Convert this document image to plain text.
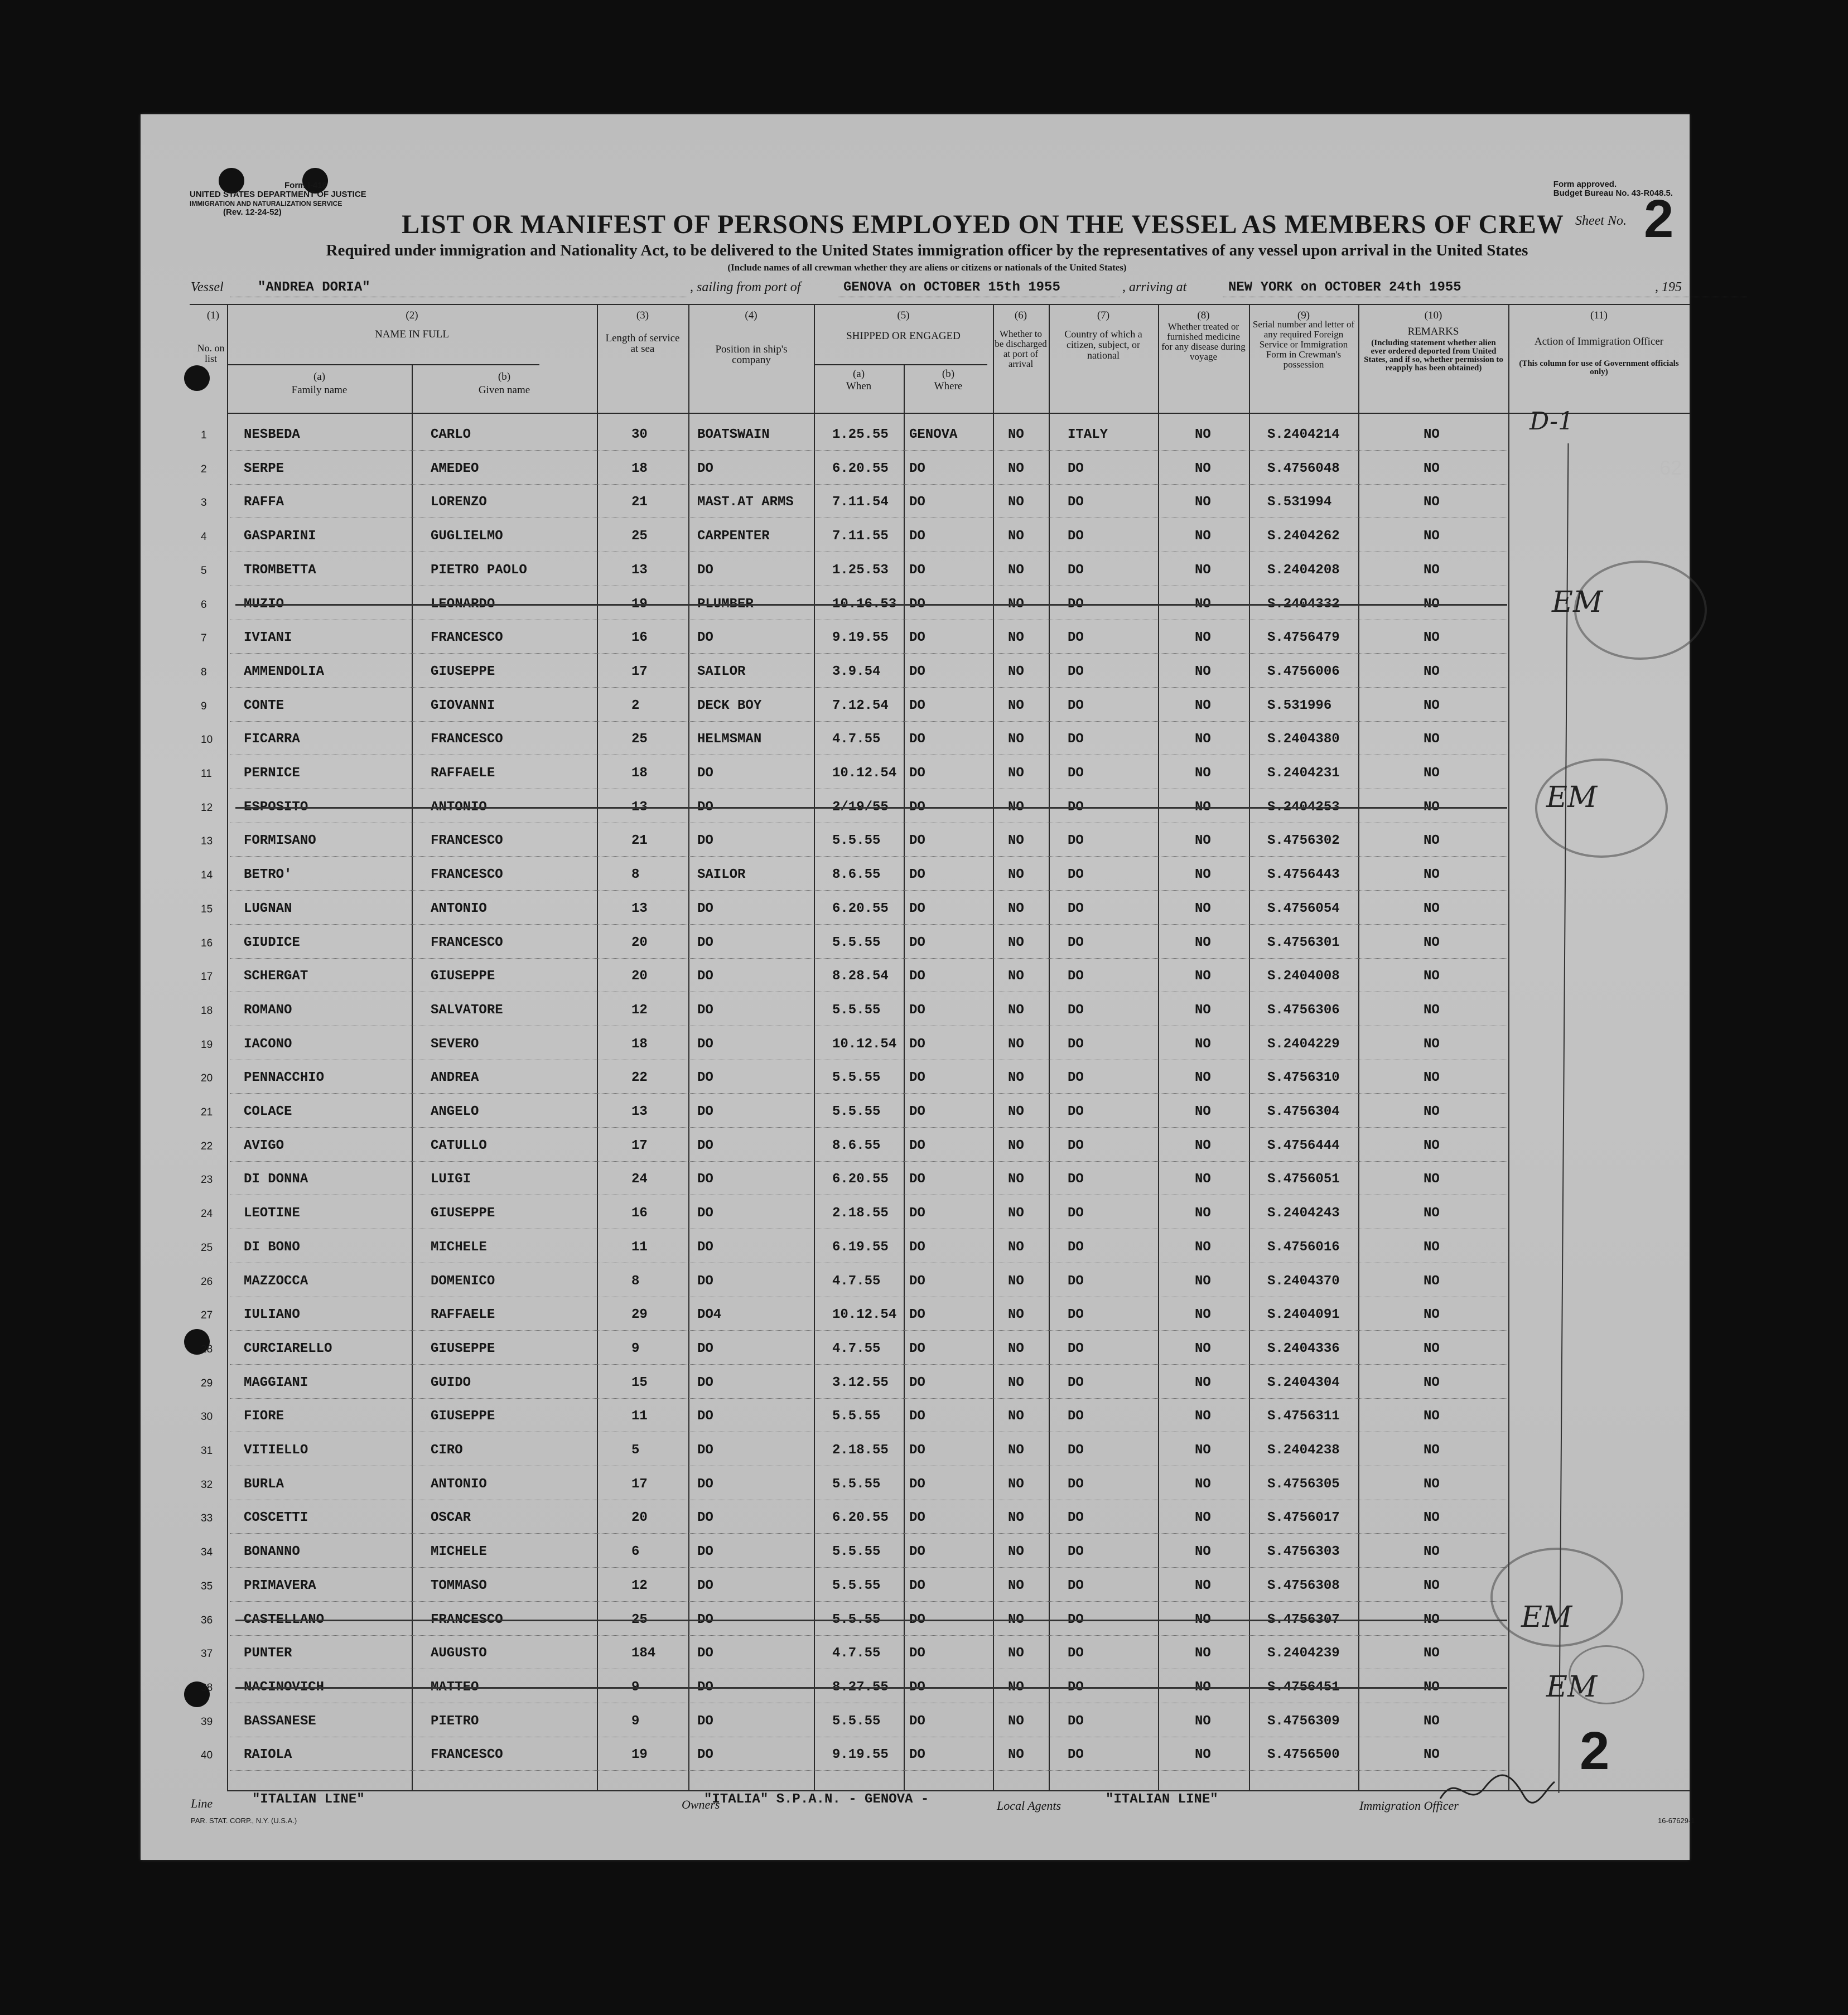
Form I-418
UNITED STATES DEPARTMENT OF JUSTICE
IMMIGRATION AND NATURALIZATION SERVICE
(Rev. 12-24-52)
Form approved.
Budget Bureau No. 43-R048.5.
Sheet No. 2
LIST OR MANIFEST OF PERSONS EMPLOYED ON THE VESSEL AS MEMBERS OF CREW
Required under immigration and Nationality Act, to be delivered to the United States immigration officer by the representatives of any vessel upon arrival in the United States
(Include names of all crewman whether they are aliens or citizens or nationals of the United States)
Vessel	"ANDREA DORIA"	, sailing from port of	GENOVA on OCTOBER 15th 1955	, arriving at	NEW YORK on OCTOBER 24th 1955	, 195
(1)
No. on list
(2)
NAME IN FULL
(a)
Family name
(b)
Given name
(3)
Length of service at sea
(4)
Position in ship's company
(5)
SHIPPED OR ENGAGED
(a)
When
(b)
Where
(6)
Whether to be discharged at port of arrival
(7)
Country of which a citizen, subject, or national
(8)
Whether treated or furnished medicine for any disease during voyage
(9)
Serial number and letter of any required Foreign Service or Immigration Form in Crewman's possession
(10)
REMARKS
(Including statement whether alien ever ordered deported from United States, and if so, whether permission to reapply has been obtained)
(11)
Action of Immigration Officer
(This column for use of Government officials only)
1	NESBEDA	CARLO	30	BOATSWAIN	1.25.55 GENOVA	NO	ITALY	NO	S.2404214	NO
2	SERPE	AMEDEO	18	DO	6.20.55 DO	NO	DO	NO	S.4756048	NO
3	RAFFA	LORENZO	21	MAST.AT ARMS	7.11.54 DO	NO	DO	NO	S.531994	NO
4	GASPARINI	GUGLIELMO	25	CARPENTER	7.11.55 DO	NO	DO	NO	S.2404262	NO
5	TROMBETTA	PIETRO PAOLO	13	DO	1.25.53 DO	NO	DO	NO	S.2404208	NO
6	MUZIO	LEONARDO	19	PLUMBER	10.16.53 DO	NO	DO	NO	S.2404332	NO
7	IVIANI	FRANCESCO	16	DO	9.19.55 DO	NO	DO	NO	S.4756479	NO
8	AMMENDOLIA	GIUSEPPE	17	SAILOR	3.9.54 DO	NO	DO	NO	S.4756006	NO
9	CONTE	GIOVANNI	2	DECK BOY	7.12.54 DO	NO	DO	NO	S.531996	NO
10 FICARRA	FRANCESCO	25	HELMSMAN	4.7.55 DO	NO	DO	NO	S.2404380	NO
11 PERNICE	RAFFAELE	18	DO	10.12.54 DO	NO	DO	NO	S.2404231	NO
12 ESPOSITO	ANTONIO	13	DO	2/19/55 DO	NO	DO	NO	S.2404253	NO
13 FORMISANO	FRANCESCO	21	DO	5.5.55 DO	NO	DO	NO	S.4756302	NO
14 BETRO'	FRANCESCO	8	SAILOR	8.6.55 DO	NO	DO	NO	S.4756443	NO
15 LUGNAN	ANTONIO	13	DO	6.20.55 DO	NO	DO	NO	S.4756054	NO
16 GIUDICE	FRANCESCO	20	DO	5.5.55 DO	NO	DO	NO	S.4756301	NO
17 SCHERGAT	GIUSEPPE	20	DO	8.28.54 DO	NO	DO	NO	S.2404008	NO
18 ROMANO	SALVATORE	12	DO	5.5.55 DO	NO	DO	NO	S.4756306	NO
19 IACONO	SEVERO	18	DO	10.12.54 DO	NO	DO	NO	S.2404229	NO
20 PENNACCHIO	ANDREA	22	DO	5.5.55 DO	NO	DO	NO	S.4756310	NO
21 COLACE	ANGELO	13	DO	5.5.55 DO	NO	DO	NO	S.4756304	NO
22 AVIGO	CATULLO	17	DO	8.6.55 DO	NO	DO	NO	S.4756444	NO
23 DI DONNA	LUIGI	24	DO	6.20.55 DO	NO	DO	NO	S.4756051	NO
24 LEOTINE	GIUSEPPE	16	DO	2.18.55 DO	NO	DO	NO	S.2404243	NO
25 DI BONO	MICHELE	11	DO	6.19.55 DO	NO	DO	NO	S.4756016	NO
26 MAZZOCCA	DOMENICO	8	DO	4.7.55 DO	NO	DO	NO	S.2404370	NO
27 IULIANO	RAFFAELE	29	DO4	10.12.54 DO	NO	DO	NO	S.2404091	NO
28 CURCIARELLO	GIUSEPPE	9	DO	4.7.55 DO	NO	DO	NO	S.2404336	NO
29 MAGGIANI	GUIDO	15	DO	3.12.55 DO	NO	DO	NO	S.2404304	NO
30 FIORE	GIUSEPPE	11	DO	5.5.55 DO	NO	DO	NO	S.4756311	NO
31 VITIELLO	CIRO	5	DO	2.18.55 DO	NO	DO	NO	S.2404238	NO
32 BURLA	ANTONIO	17	DO	5.5.55 DO	NO	DO	NO	S.4756305	NO
33 COSCETTI	OSCAR	20	DO	6.20.55 DO	NO	DO	NO	S.4756017	NO
34 BONANNO	MICHELE	6	DO	5.5.55 DO	NO	DO	NO	S.4756303	NO
35 PRIMAVERA	TOMMASO	12	DO	5.5.55 DO	NO	DO	NO	S.4756308	NO
36 CASTELLANO	FRANCESCO	25	DO	5.5.55 DO	NO	DO	NO	S.4756307	NO
37 PUNTER	AUGUSTO	184	DO	4.7.55 DO	NO	DO	NO	S.2404239	NO
38 NACINOVICH	MATTEO	9	DO	8.27.55 DO	NO	DO	NO	S.4756451	NO
39 BASSANESE	PIETRO	9	DO	5.5.55 DO	NO	DO	NO	S.4756309	NO
40 RAIOLA	FRANCESCO	19	DO	9.19.55 DO	NO	DO	NO	S.4756500	NO
D-1
EM
EM
EM
EM
2
Line	"ITALIAN LINE"	Owners
"ITALIA" S.P.A.N. - GENOVA -	Local Agents	"ITALIAN LINE"	Immigration Officer
PAR. STAT. CORP., N.Y. (U.S.A.)	16-67629-1
62
